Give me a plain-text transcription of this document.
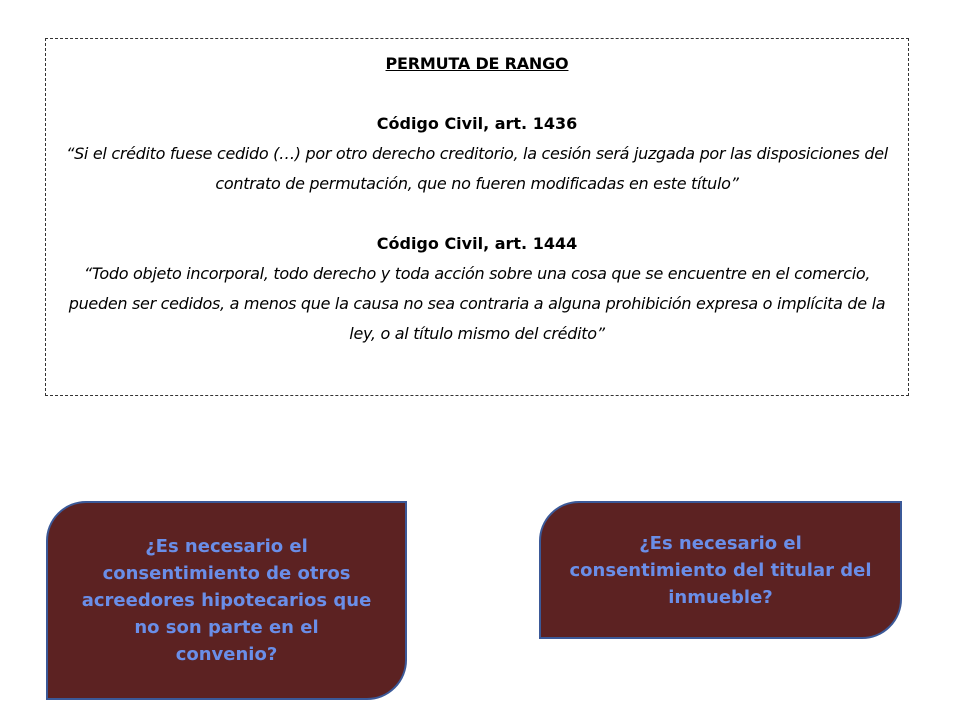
PERMUTA DE RANGO
Código Civil, art. 1436
“Si el crédito fuese cedido (…) por otro derecho creditorio, la cesión será juzgada por las disposiciones del contrato de permutación, que no fueren modificadas en este título”
Código Civil, art. 1444
“Todo objeto incorporal, todo derecho y toda acción sobre una cosa que se encuentre en el comercio, pueden ser cedidos, a menos que la causa no sea contraria a alguna prohibición expresa o implícita de la ley, o al título mismo del crédito”
¿Es necesario el consentimiento de otros acreedores hipotecarios que no son parte en el convenio?
¿Es necesario el consentimiento del titular del inmueble?
